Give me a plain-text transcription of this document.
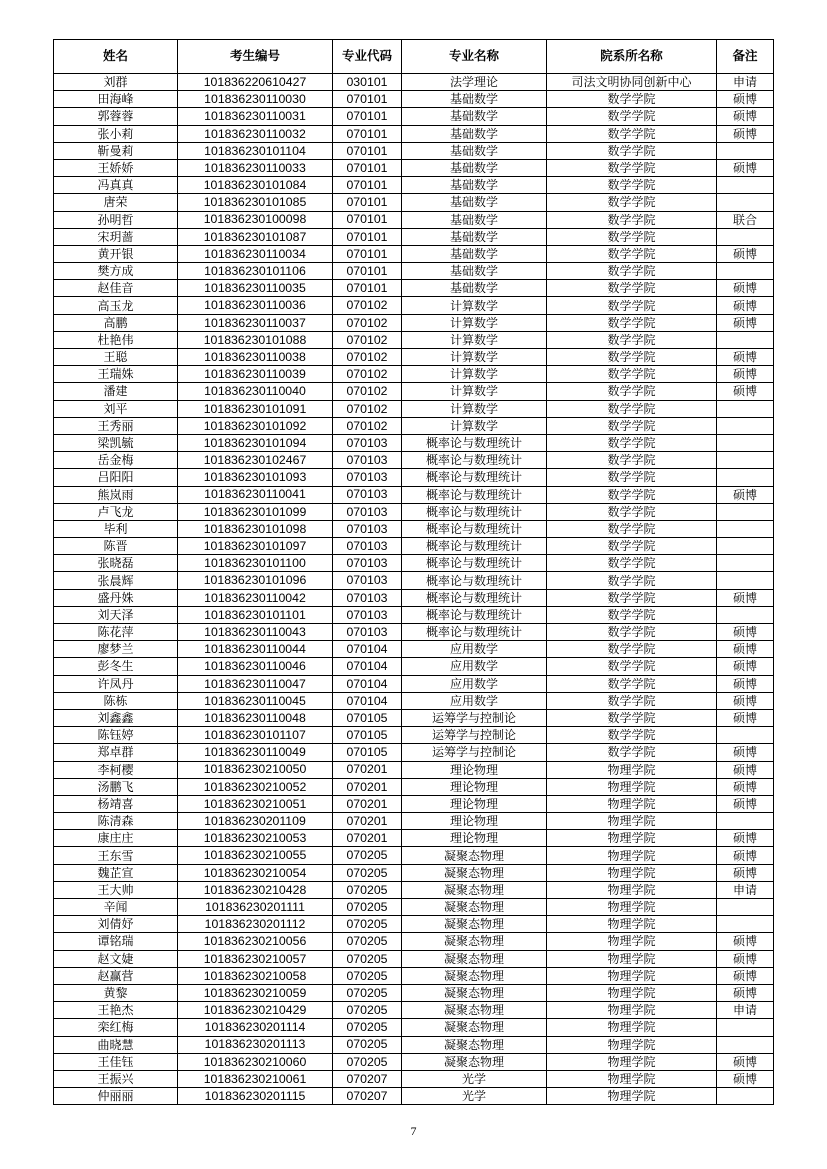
姓名	考生编号	专业代码	专业名称	院系所名称	备注
刘群	101836220610427	030101	法学理论	司法文明协同创新中心	申请
田海峰	101836230110030	070101	基础数学	数学学院	硕博
郭蓉蓉	101836230110031	070101	基础数学	数学学院	硕博
张小莉	101836230110032	070101	基础数学	数学学院	硕博
靳曼莉	101836230101104	070101	基础数学	数学学院	
王娇娇	101836230110033	070101	基础数学	数学学院	硕博
冯真真	101836230101084	070101	基础数学	数学学院	
唐荣	101836230101085	070101	基础数学	数学学院	
孙明哲	101836230100098	070101	基础数学	数学学院	联合
宋玥蔷	101836230101087	070101	基础数学	数学学院	
黄开银	101836230110034	070101	基础数学	数学学院	硕博
樊方成	101836230101106	070101	基础数学	数学学院	
赵佳音	101836230110035	070101	基础数学	数学学院	硕博
高玉龙	101836230110036	070102	计算数学	数学学院	硕博
高鹏	101836230110037	070102	计算数学	数学学院	硕博
杜艳伟	101836230101088	070102	计算数学	数学学院	
王聪	101836230110038	070102	计算数学	数学学院	硕博
王瑞姝	101836230110039	070102	计算数学	数学学院	硕博
潘建	101836230110040	070102	计算数学	数学学院	硕博
刘平	101836230101091	070102	计算数学	数学学院	
王秀丽	101836230101092	070102	计算数学	数学学院	
梁凯毓	101836230101094	070103	概率论与数理统计	数学学院	
岳金梅	101836230102467	070103	概率论与数理统计	数学学院	
吕阳阳	101836230101093	070103	概率论与数理统计	数学学院	
熊岚雨	101836230110041	070103	概率论与数理统计	数学学院	硕博
卢飞龙	101836230101099	070103	概率论与数理统计	数学学院	
毕利	101836230101098	070103	概率论与数理统计	数学学院	
陈晋	101836230101097	070103	概率论与数理统计	数学学院	
张晓磊	101836230101100	070103	概率论与数理统计	数学学院	
张晨辉	101836230101096	070103	概率论与数理统计	数学学院	
盛丹姝	101836230110042	070103	概率论与数理统计	数学学院	硕博
刘天泽	101836230101101	070103	概率论与数理统计	数学学院	
陈花萍	101836230110043	070103	概率论与数理统计	数学学院	硕博
廖梦兰	101836230110044	070104	应用数学	数学学院	硕博
彭冬生	101836230110046	070104	应用数学	数学学院	硕博
许凤丹	101836230110047	070104	应用数学	数学学院	硕博
陈栋	101836230110045	070104	应用数学	数学学院	硕博
刘鑫鑫	101836230110048	070105	运筹学与控制论	数学学院	硕博
陈钰婷	101836230101107	070105	运筹学与控制论	数学学院	
郑卓群	101836230110049	070105	运筹学与控制论	数学学院	硕博
李柯樱	101836230210050	070201	理论物理	物理学院	硕博
汤鹏飞	101836230210052	070201	理论物理	物理学院	硕博
杨靖喜	101836230210051	070201	理论物理	物理学院	硕博
陈清森	101836230201109	070201	理论物理	物理学院	
康庄庄	101836230210053	070201	理论物理	物理学院	硕博
王东雪	101836230210055	070205	凝聚态物理	物理学院	硕博
魏芷宣	101836230210054	070205	凝聚态物理	物理学院	硕博
王大帅	101836230210428	070205	凝聚态物理	物理学院	申请
辛闻	101836230201111	070205	凝聚态物理	物理学院	
刘倩妤	101836230201112	070205	凝聚态物理	物理学院	
谭铭瑞	101836230210056	070205	凝聚态物理	物理学院	硕博
赵文婕	101836230210057	070205	凝聚态物理	物理学院	硕博
赵赢营	101836230210058	070205	凝聚态物理	物理学院	硕博
黄黎	101836230210059	070205	凝聚态物理	物理学院	硕博
王艳杰	101836230210429	070205	凝聚态物理	物理学院	申请
栾红梅	101836230201114	070205	凝聚态物理	物理学院	
曲晓慧	101836230201113	070205	凝聚态物理	物理学院	
王佳钰	101836230210060	070205	凝聚态物理	物理学院	硕博
王振兴	101836230210061	070207	光学	物理学院	硕博
仲丽丽	101836230201115	070207	光学	物理学院	
7
